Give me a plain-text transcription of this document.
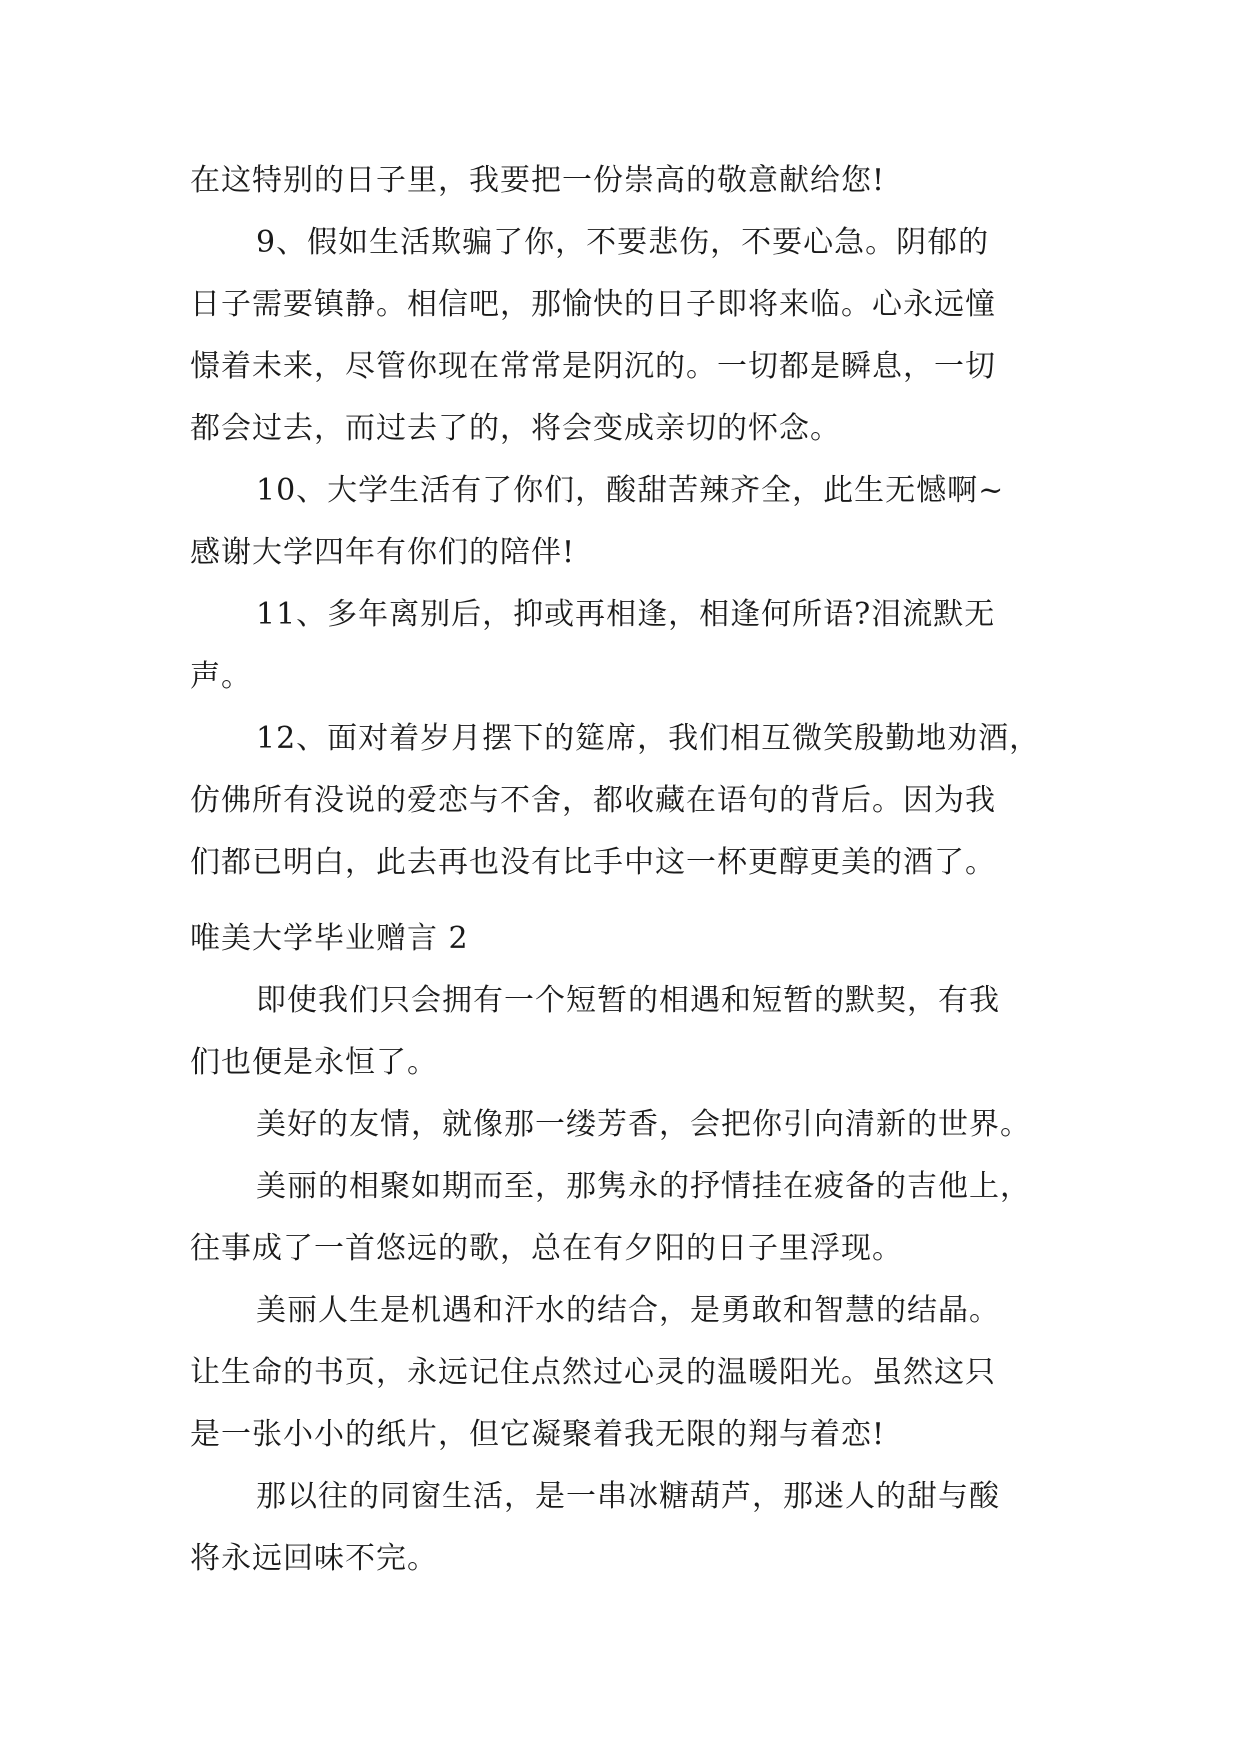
在这特别的日子里，我要把一份崇高的敬意献给您!
9、假如生活欺骗了你，不要悲伤，不要心急。阴郁的
日子需要镇静。相信吧，那愉快的日子即将来临。心永远憧
憬着未来，尽管你现在常常是阴沉的。一切都是瞬息，一切
都会过去，而过去了的，将会变成亲切的怀念。
10、大学生活有了你们，酸甜苦辣齐全，此生无憾啊~
感谢大学四年有你们的陪伴!
11、多年离别后，抑或再相逢，相逢何所语?泪流默无
声。
12、面对着岁月摆下的筵席，我们相互微笑殷勤地劝酒，
仿佛所有没说的爱恋与不舍，都收藏在语句的背后。因为我
们都已明白，此去再也没有比手中这一杯更醇更美的酒了。
唯美大学毕业赠言 2
即使我们只会拥有一个短暂的相遇和短暂的默契，有我
们也便是永恒了。
美好的友情，就像那一缕芳香，会把你引向清新的世界。
美丽的相聚如期而至，那隽永的抒情挂在疲备的吉他上，
往事成了一首悠远的歌，总在有夕阳的日子里浮现。
美丽人生是机遇和汗水的结合，是勇敢和智慧的结晶。
让生命的书页，永远记住点然过心灵的温暖阳光。虽然这只
是一张小小的纸片，但它凝聚着我无限的翔与着恋!
那以往的同窗生活，是一串冰糖葫芦，那迷人的甜与酸
将永远回味不完。
